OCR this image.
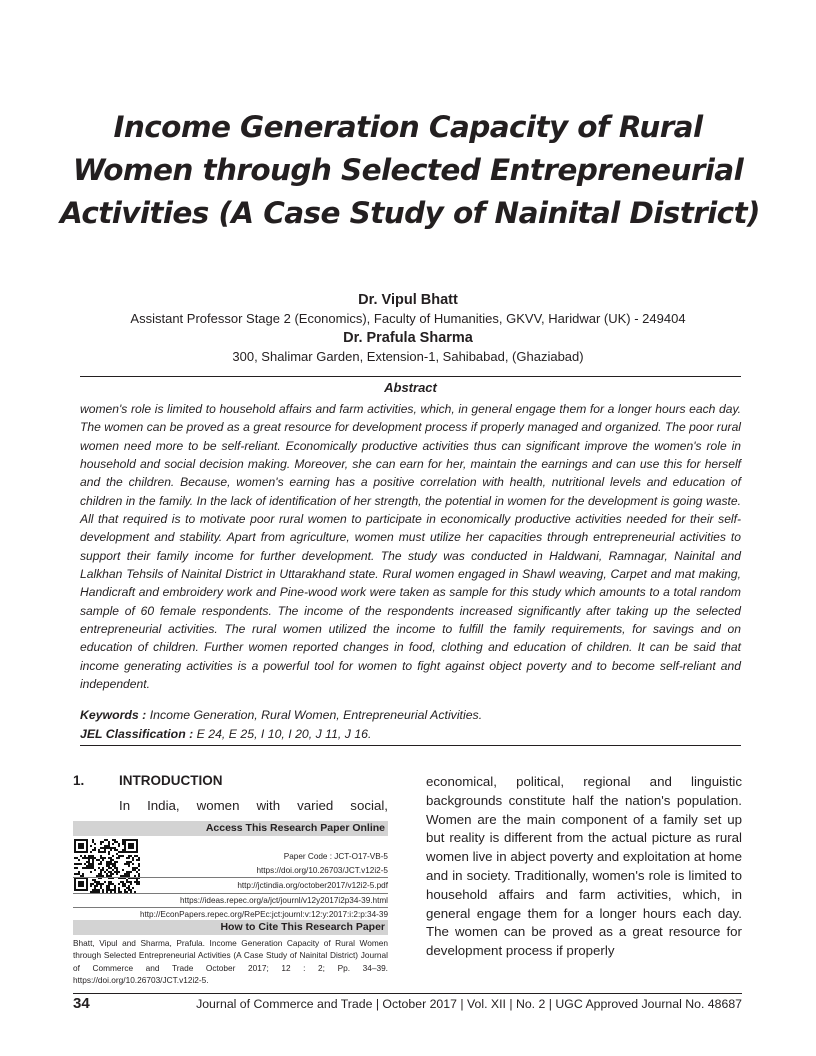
Income Generation Capacity of Rural
Women through Selected Entrepreneurial
Activities (A Case Study of Nainital District)
Dr. Vipul Bhatt
Assistant Professor Stage 2 (Economics), Faculty of Humanities, GKVV, Haridwar (UK) - 249404
Dr. Prafula Sharma
300, Shalimar Garden, Extension-1, Sahibabad, (Ghaziabad)
Abstract

women's role is limited to household affairs and farm activities, which, in general engage them for a longer hours each day. The women can be proved as a great resource for development process if properly managed and organized. The poor rural women need more to be self-reliant. Economically productive activities thus can significant improve the women's role in household and social decision making. Moreover, she can earn for her, maintain the earnings and can use this for herself and the children. Because, women's earning has a positive correlation with health, nutritional levels and education of children in the family. In the lack of identification of her strength, the potential in women for the development is going waste. All that required is to motivate poor rural women to participate in economically productive activities needed for their self-development and stability. Apart from agriculture, women must utilize her capacities through entrepreneurial activities to support their family income for further development. The study was conducted in Haldwani, Ramnagar, Nainital and Lalkhan Tehsils of Nainital District in Uttarakhand state. Rural women engaged in Shawl weaving, Carpet and mat making, Handicraft and embroidery work and Pine-wood work were taken as sample for this study which amounts to a total random sample of 60 female respondents. The income of the respondents increased significantly after taking up the selected entrepreneurial activities. The rural women utilized the income to fulfill the family requirements, for savings and on education of children. Further women reported changes in food, clothing and education of children. It can be said that income generating activities is a powerful tool for women to fight against object poverty and to become self-reliant and independent.

Keywords : Income Generation, Rural Women, Entrepreneurial Activities.
JEL Classification : E 24, E 25, I 10, I 20, J 11, J 16.
1.	INTRODUCTION
In India, women with varied social,
Access This Research Paper Online
Paper Code : JCT-O17-VB-5
https://doi.org/10.26703/JCT.v12i2-5
http://jctindia.org/october2017/v12i2-5.pdf
https://ideas.repec.org/a/jct/journl/v12y2017i2p34-39.html
http://EconPapers.repec.org/RePEc:jct:journl:v:12:y:2017:i:2:p:34-39
How to Cite This Research Paper

Bhatt, Vipul and Sharma, Prafula. Income Generation Capacity of Rural Women through Selected Entrepreneurial Activities (A Case Study of Nainital District) Journal of Commerce and Trade October 2017; 12 : 2; Pp. 34–39. https://doi.org/10.26703/JCT.v12i2-5.

economical, political, regional and linguistic backgrounds constitute half the nation's population. Women are the main component of a family set up but reality is different from the actual picture as rural women live in abject poverty and exploitation at home and in society. Traditionally, women's role is limited to household affairs and farm activities, which, in general engage them for a longer hours each day. The women can be proved as a great resource for development process if properly

34	Journal of Commerce and Trade | October 2017 | Vol. XII | No. 2 | UGC Approved Journal No. 48687
